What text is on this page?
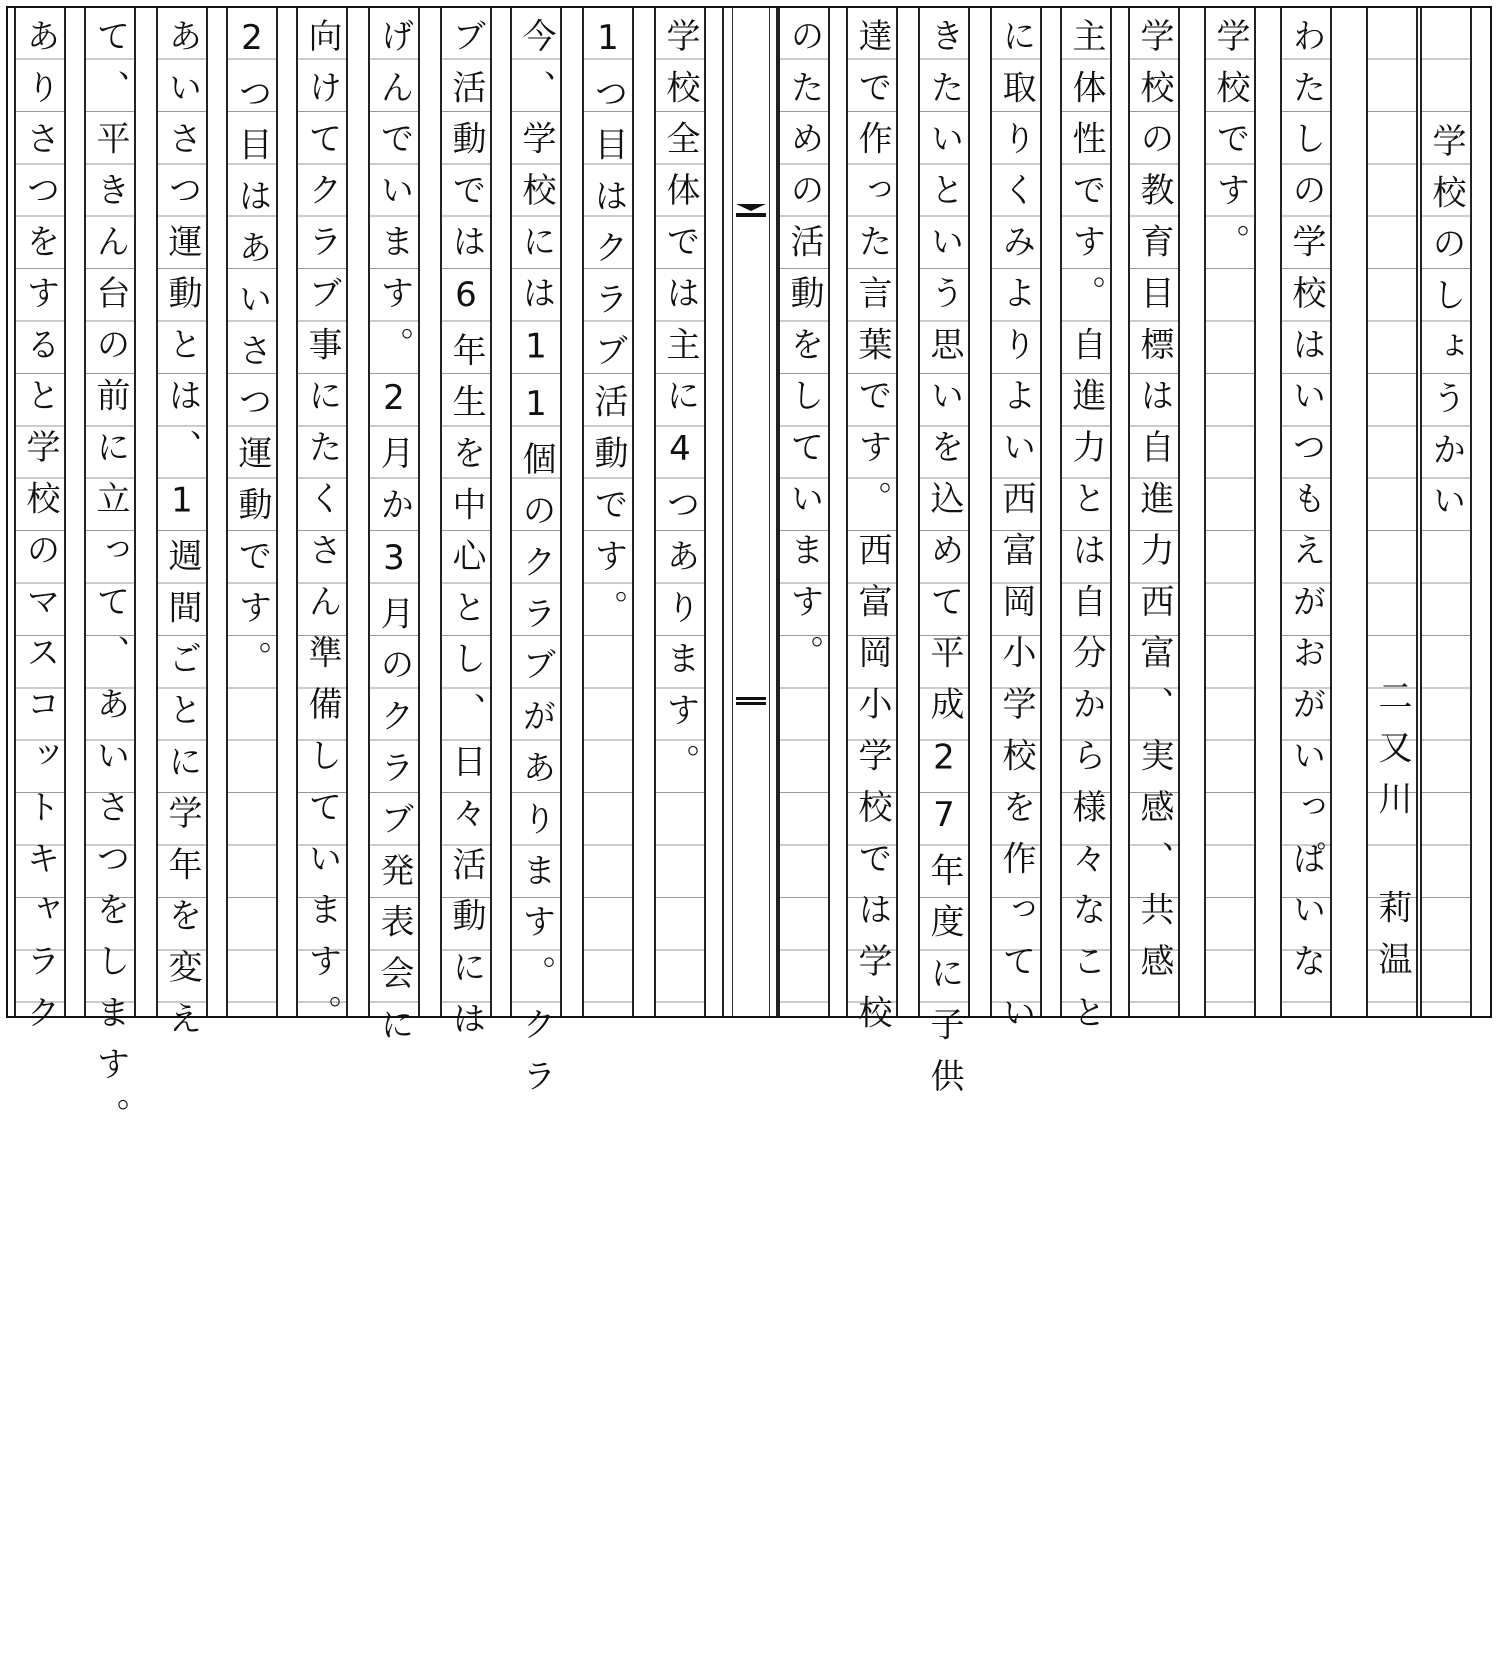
学校のしょうかい
二又川 莉温
わたしの学校はいつもえがおがいっぱいな
学校です。
学校の教育目標は自進力西富、実感、共感
主体性です。自進力とは自分から様々なこと
に取りくみよりよい西富岡小学校を作ってい
きたいという思いを込めて平成27年度に子供
達で作った言葉です。西富岡小学校では学校
のための活動をしています。
学校全体では主に4つあります。
1つ目はクラブ活動です。
今、学校には11個のクラブがあります。クラ
ブ活動では6年生を中心とし、日々活動には
げんでいます。2月か3月のクラブ発表会に
向けてクラブ事にたくさん準備しています。
2つ目はあいさつ運動です。
あいさつ運動とは、1週間ごとに学年を変え
て、平きん台の前に立って、あいさつをします。
ありさつをすると学校のマスコットキャラク
